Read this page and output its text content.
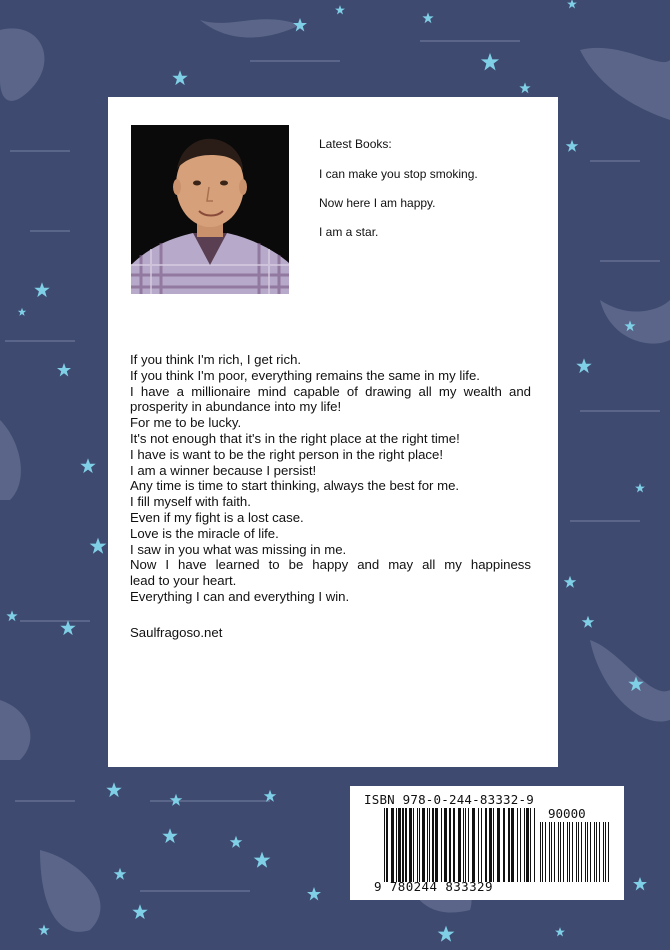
Latest Books:

I can make you stop smoking.

Now here I am happy.

I am a star.

If you think I'm rich, I get rich.
If you think I'm poor, everything remains the same in my life.
I have a millionaire mind capable of drawing all my wealth and
prosperity in abundance into my life!
For me to be lucky.
It's not enough that it's in the right place at the right time!
I have is want to be the right person in the right place!
I am a winner because I persist!
Any time is time to start thinking, always the best for me.
I fill myself with faith.
Even if my fight is a lost case.
Love is the miracle of life.
I saw in you what was missing in me.
Now I have learned to be happy and may all my happiness
lead to your heart.
Everything I can and everything I win.
Saulfragoso.net
ISBN 978-0-244-83332-9
90000
9 780244 833329
